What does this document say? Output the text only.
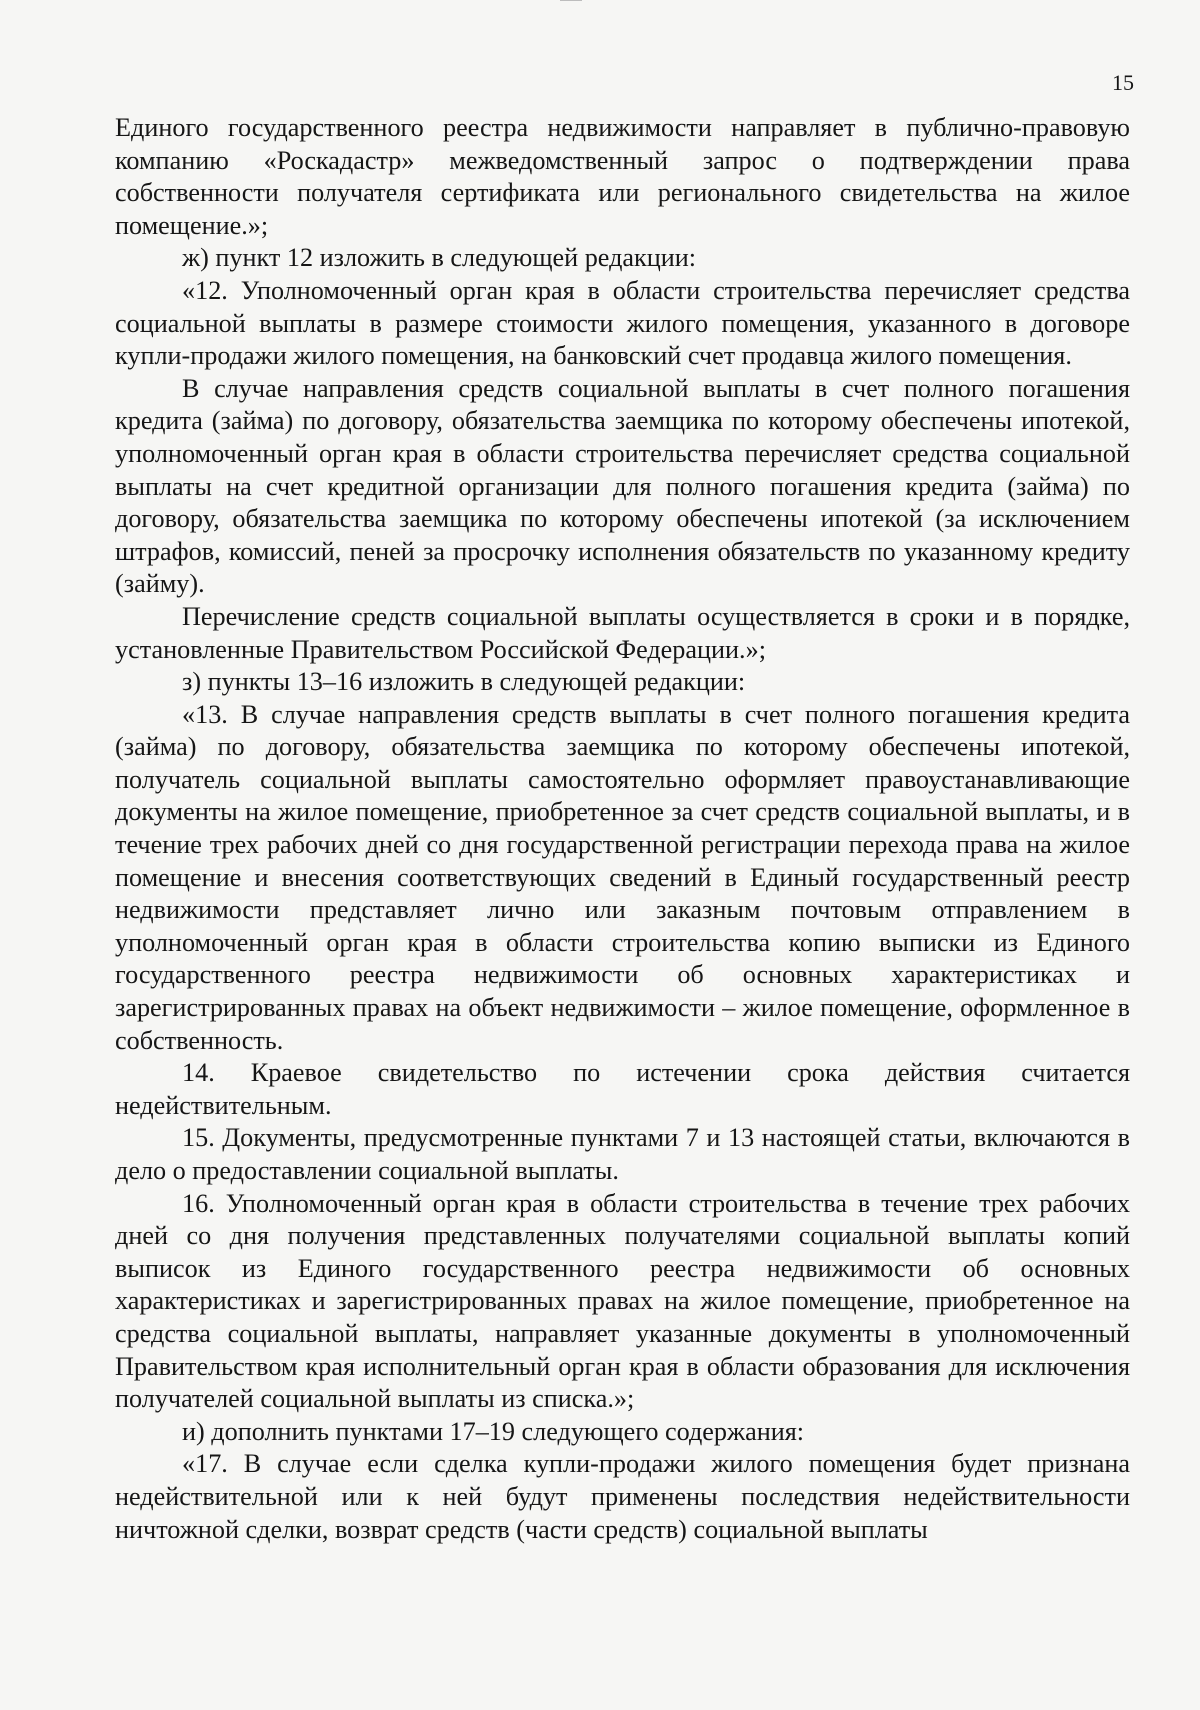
15

Единого государственного реестра недвижимости направляет в публично-правовую компанию «Роскадастр» межведомственный запрос о подтверждении права собственности получателя сертификата или регионального свидетельства на жилое помещение.»;

ж) пункт 12 изложить в следующей редакции:

«12. Уполномоченный орган края в области строительства перечисляет средства социальной выплаты в размере стоимости жилого помещения, указанного в договоре купли-продажи жилого помещения, на банковский счет продавца жилого помещения.

В случае направления средств социальной выплаты в счет полного погашения кредита (займа) по договору, обязательства заемщика по которому обеспечены ипотекой, уполномоченный орган края в области строительства перечисляет средства социальной выплаты на счет кредитной организации для полного погашения кредита (займа) по договору, обязательства заемщика по которому обеспечены ипотекой (за исключением штрафов, комиссий, пеней за просрочку исполнения обязательств по указанному кредиту (займу).

Перечисление средств социальной выплаты осуществляется в сроки и в порядке, установленные Правительством Российской Федерации.»;

з) пункты 13–16 изложить в следующей редакции:

«13. В случае направления средств выплаты в счет полного погашения кредита (займа) по договору, обязательства заемщика по которому обеспечены ипотекой, получатель социальной выплаты самостоятельно оформляет правоустанавливающие документы на жилое помещение, приобретенное за счет средств социальной выплаты, и в течение трех рабочих дней со дня государственной регистрации перехода права на жилое помещение и внесения соответствующих сведений в Единый государственный реестр недвижимости представляет лично или заказным почтовым отправлением в уполномоченный орган края в области строительства копию выписки из Единого государственного реестра недвижимости об основных характеристиках и зарегистрированных правах на объект недвижимости – жилое помещение, оформленное в собственность.

14. Краевое свидетельство по истечении срока действия считается недействительным.

15. Документы, предусмотренные пунктами 7 и 13 настоящей статьи, включаются в дело о предоставлении социальной выплаты.

16. Уполномоченный орган края в области строительства в течение трех рабочих дней со дня получения представленных получателями социальной выплаты копий выписок из Единого государственного реестра недвижимости об основных характеристиках и зарегистрированных правах на жилое помещение, приобретенное на средства социальной выплаты, направляет указанные документы в уполномоченный Правительством края исполнительный орган края в области образования для исключения получателей социальной выплаты из списка.»;

и) дополнить пунктами 17–19 следующего содержания:

«17. В случае если сделка купли-продажи жилого помещения будет признана недействительной или к ней будут применены последствия недействительности ничтожной сделки, возврат средств (части средств) социальной выплаты
